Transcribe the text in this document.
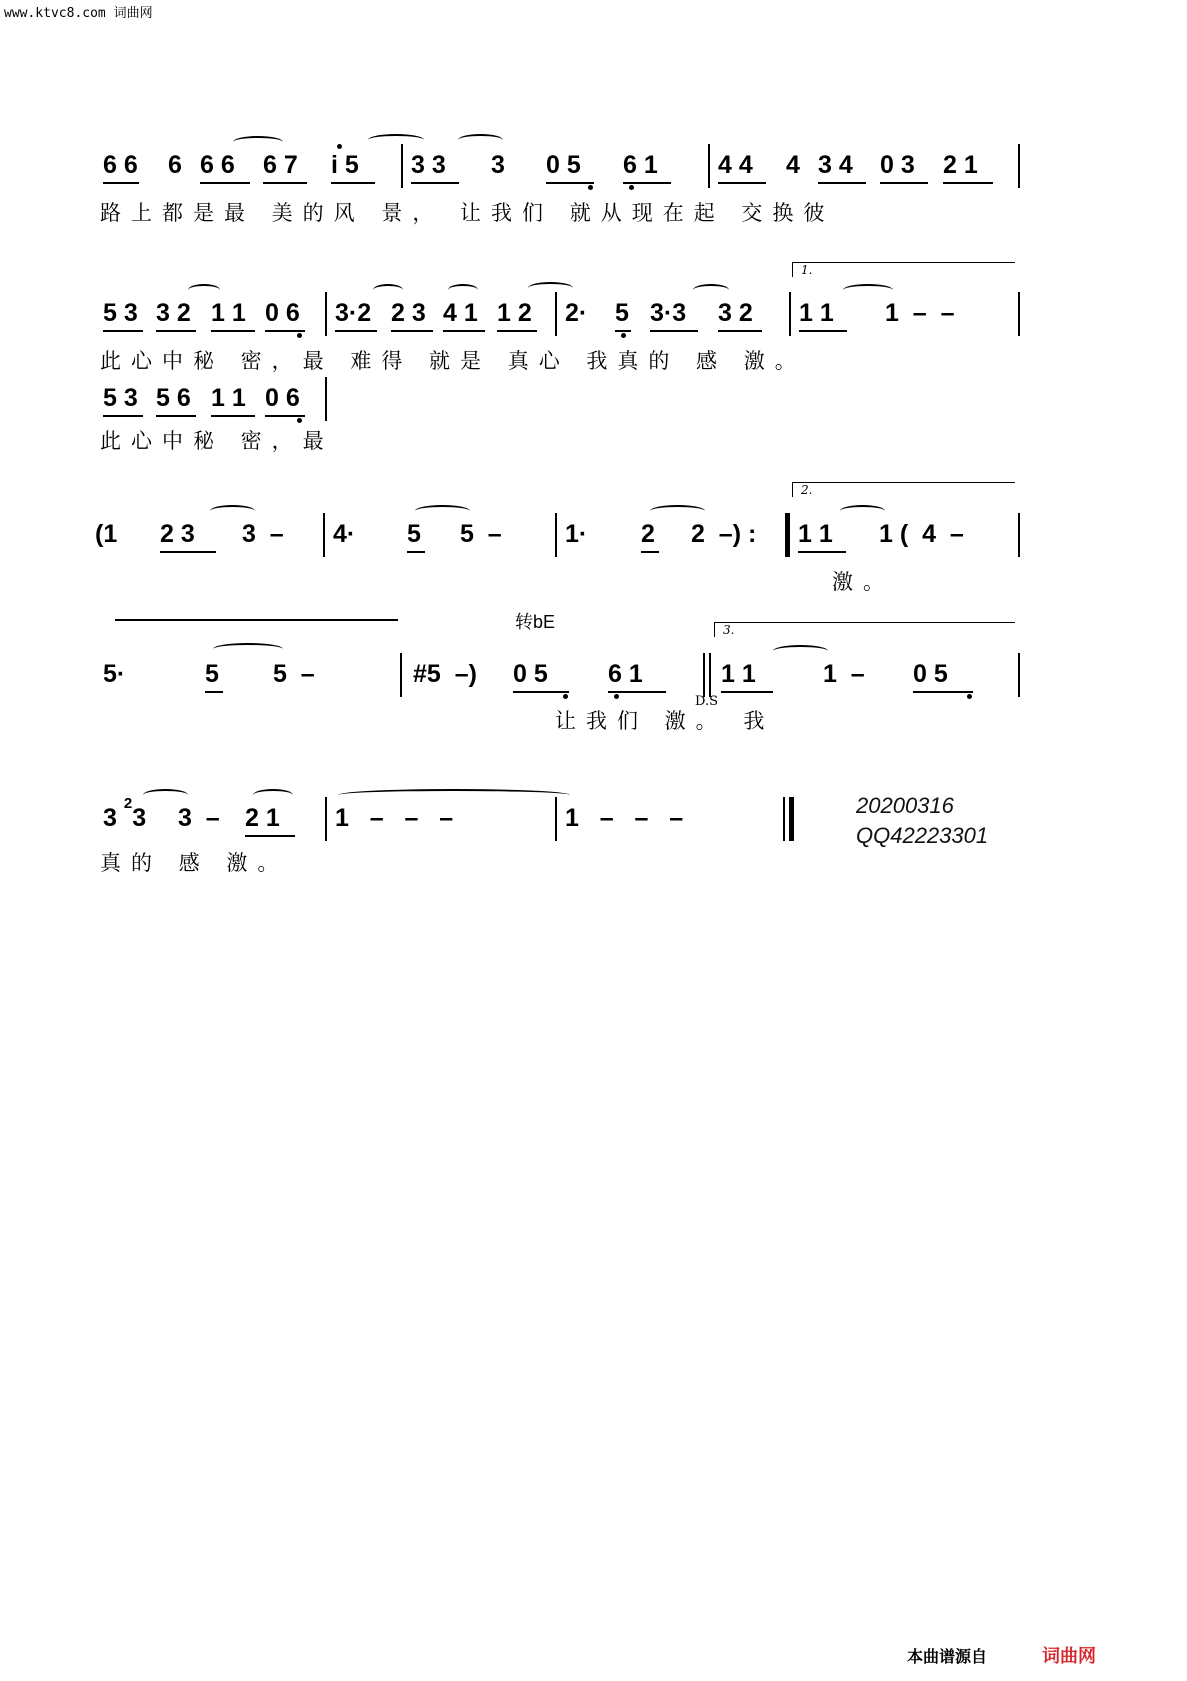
www.ktvc8.com 词曲网
6 6 6 6 6	6 7	i 5	3 3	3 0 5	6 1	4 4	4 3 4	0 3	2 1
路上都是最 美的风 景， 让我们 就从现在起 交换彼
1.
5 3 3 2 1 1 0 6 3·2 2 3 4 1 1 2 2· 5 3·3	3 2	1 1	1  –  –
此心中秘 密，最 难得 就是 真心 我真的 感 激。
5 3 5 6 1 1 0 6
此心中秘 密，最
2.
(1 2 3	3  – 4· 5 5  –	1· 2 2  –) : 1 1	1 (  4  –
激。
转bE	3.
5·	5 5  –	#5  –) 0 5	6 1	1 1	1  – 0 5
D.S
让我们 激。 我
3 $^2$3 3  – 2 1	1   –   –   –	1   –   –   –
真的 感 激。
20200316
QQ42223301
本曲谱源自	词曲网
